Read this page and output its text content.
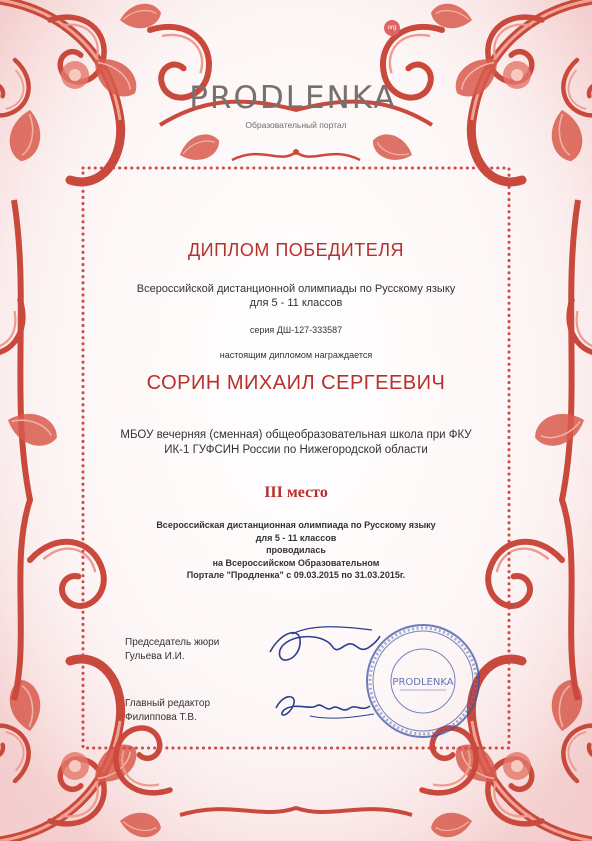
PRODLENKA
org
Образовательный портал
ДИПЛОМ ПОБЕДИТЕЛЯ
Всероссийской дистанционной олимпиады по Русскому языку
для 5 - 11 классов
серия ДШ-127-333587
настоящим дипломом награждается
СОРИН МИХАИЛ СЕРГЕЕВИЧ
МБОУ вечерняя (сменная) общеобразовательная школа при ФКУ
ИК-1 ГУФСИН России по Нижегородской области
III место
Всероссийская дистанционная олимпиада по Русскому языку
для 5 - 11 классов
проводилась
на Всероссийском Образовательном
Портале "Продленка" с 09.03.2015 по 31.03.2015г.
Председатель жюри
Гульева И.И.
Главный редактор
Филиппова Т.В.
PRODLENKA
